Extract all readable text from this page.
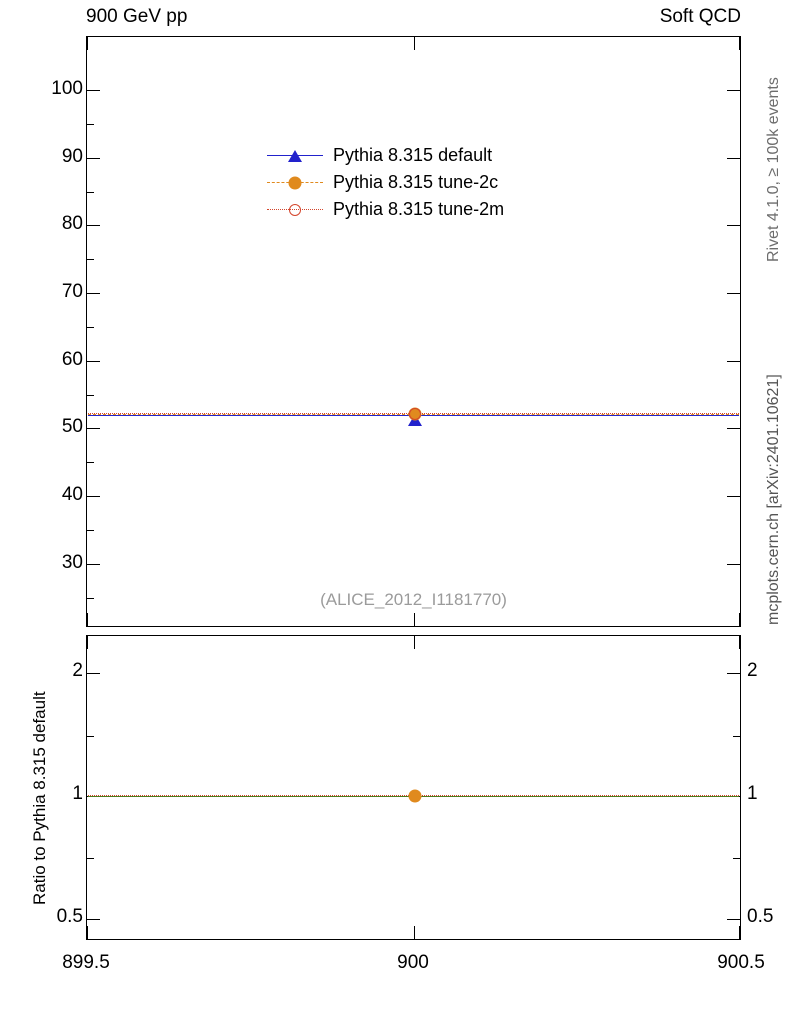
900 GeV pp	Soft QCD
Pythia 8.315 default
Pythia 8.315 tune-2c
Pythia 8.315 tune-2m
(ALICE_2012_I1181770)
100
90
80
70
60
50
40
30
2
1
0.5
2
1
0.5
899.5	900	900.5
Ratio to Pythia 8.315 default
Rivet 4.1.0, ≥ 100k events
mcplots.cern.ch [arXiv:2401.10621]
